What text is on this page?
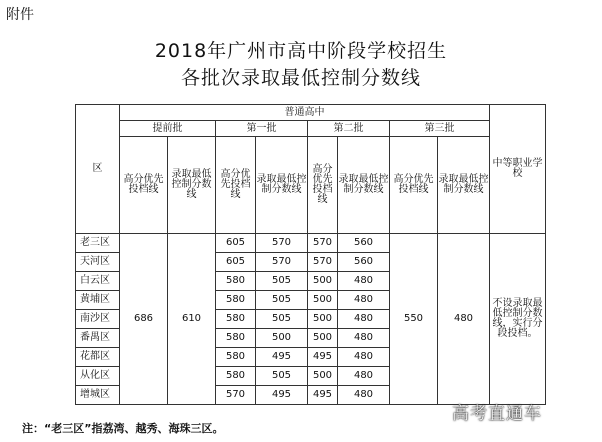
附件
2018年广州市高中阶段学校招生
各批次录取最低控制分数线
区	普通高中								中等职业学校
	提前批		第一批		第二批		第三批		
	高分优先投档线	录取最低控制分数线	高分优先投档线	录取最低控制分数线	高分优先投档线	录取最低控制分数线	高分优先投档线	录取最低控制分数线	
老三区	686	610	605	570	570	560	550	480	不设录取最低控制分数线，实行分段投档。
天河区			605	570	570	560			
白云区			580	505	500	480			
黄埔区			580	505	500	480			
南沙区			580	505	500	480			
番禺区			580	500	500	480			
花都区			580	495	495	480			
从化区			580	505	500	480			
增城区			570	495	495	480			
注：“老三区”指荔湾、越秀、海珠三区。
高考直通车
